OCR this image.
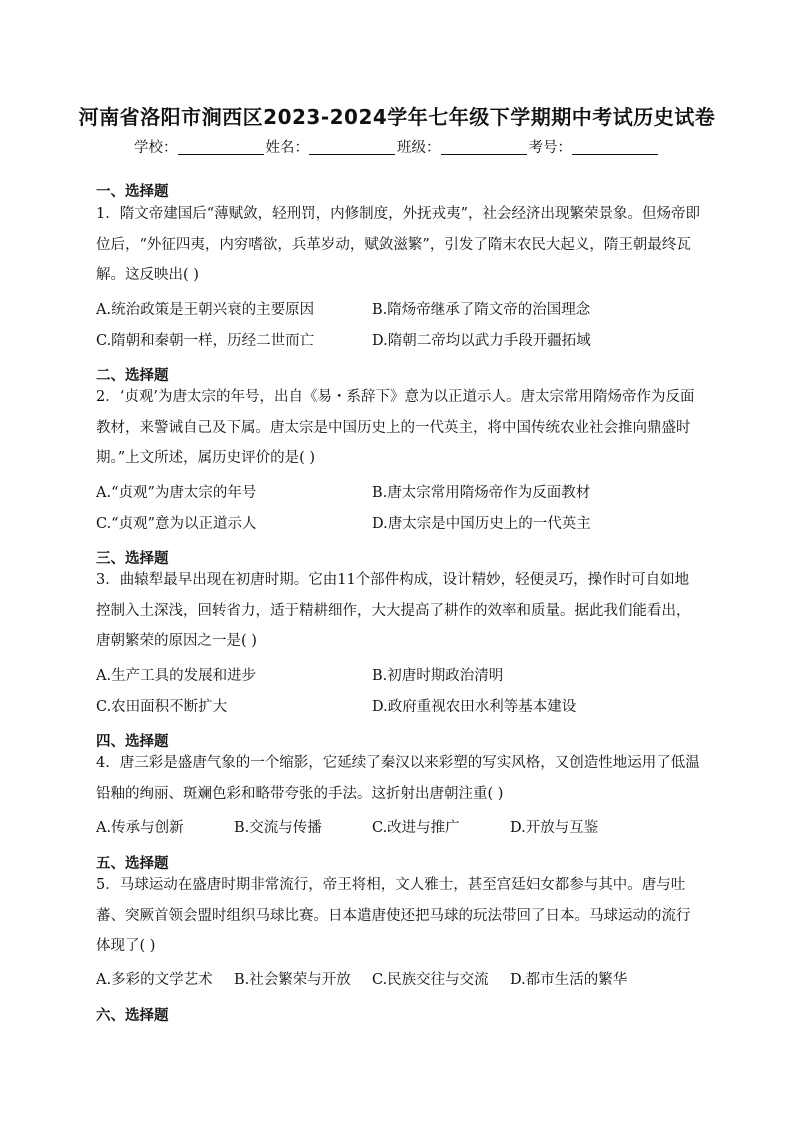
河南省洛阳市涧西区2023-2024学年七年级下学期期中考试历史试卷
学校：	姓名：	班级：	考号：
一、选择题
1．隋文帝建国后“薄赋敛，轻刑罚，内修制度，外抚戎夷”，社会经济出现繁荣景象。但炀帝即位后，“外征四夷，内穷嗜欲，兵革岁动，赋敛滋繁”，引发了隋末农民大起义，隋王朝最终瓦解。这反映出( )
A.统治政策是王朝兴衰的主要原因	B.隋炀帝继承了隋文帝的治国理念
C.隋朝和秦朝一样，历经二世而亡	D.隋朝二帝均以武力手段开疆拓域
二、选择题
2．‘贞观’为唐太宗的年号，出自《易・系辞下》意为以正道示人。唐太宗常用隋炀帝作为反面教材，来警诫自己及下属。唐太宗是中国历史上的一代英主，将中国传统农业社会推向鼎盛时期。”上文所述，属历史评价的是( )
A.“贞观”为唐太宗的年号	B.唐太宗常用隋炀帝作为反面教材
C.“贞观”意为以正道示人	D.唐太宗是中国历史上的一代英主
三、选择题
3．曲辕犁最早出现在初唐时期。它由11个部件构成，设计精妙，轻便灵巧，操作时可自如地控制入土深浅，回转省力，适于精耕细作，大大提高了耕作的效率和质量。据此我们能看出，唐朝繁荣的原因之一是( )
A.生产工具的发展和进步	B.初唐时期政治清明
C.农田面积不断扩大	D.政府重视农田水利等基本建设
四、选择题
4．唐三彩是盛唐气象的一个缩影，它延续了秦汉以来彩塑的写实风格，又创造性地运用了低温铅釉的绚丽、斑斓色彩和略带夸张的手法。这折射出唐朝注重( )
A.传承与创新	B.交流与传播	C.改进与推广	D.开放与互鉴
五、选择题
5．马球运动在盛唐时期非常流行，帝王将相，文人雅士，甚至宫廷妇女都参与其中。唐与吐蕃、突厥首领会盟时组织马球比赛。日本遣唐使还把马球的玩法带回了日本。马球运动的流行体现了( )
A.多彩的文学艺术 B.社会繁荣与开放 C.民族交往与交流 D.都市生活的繁华
六、选择题
